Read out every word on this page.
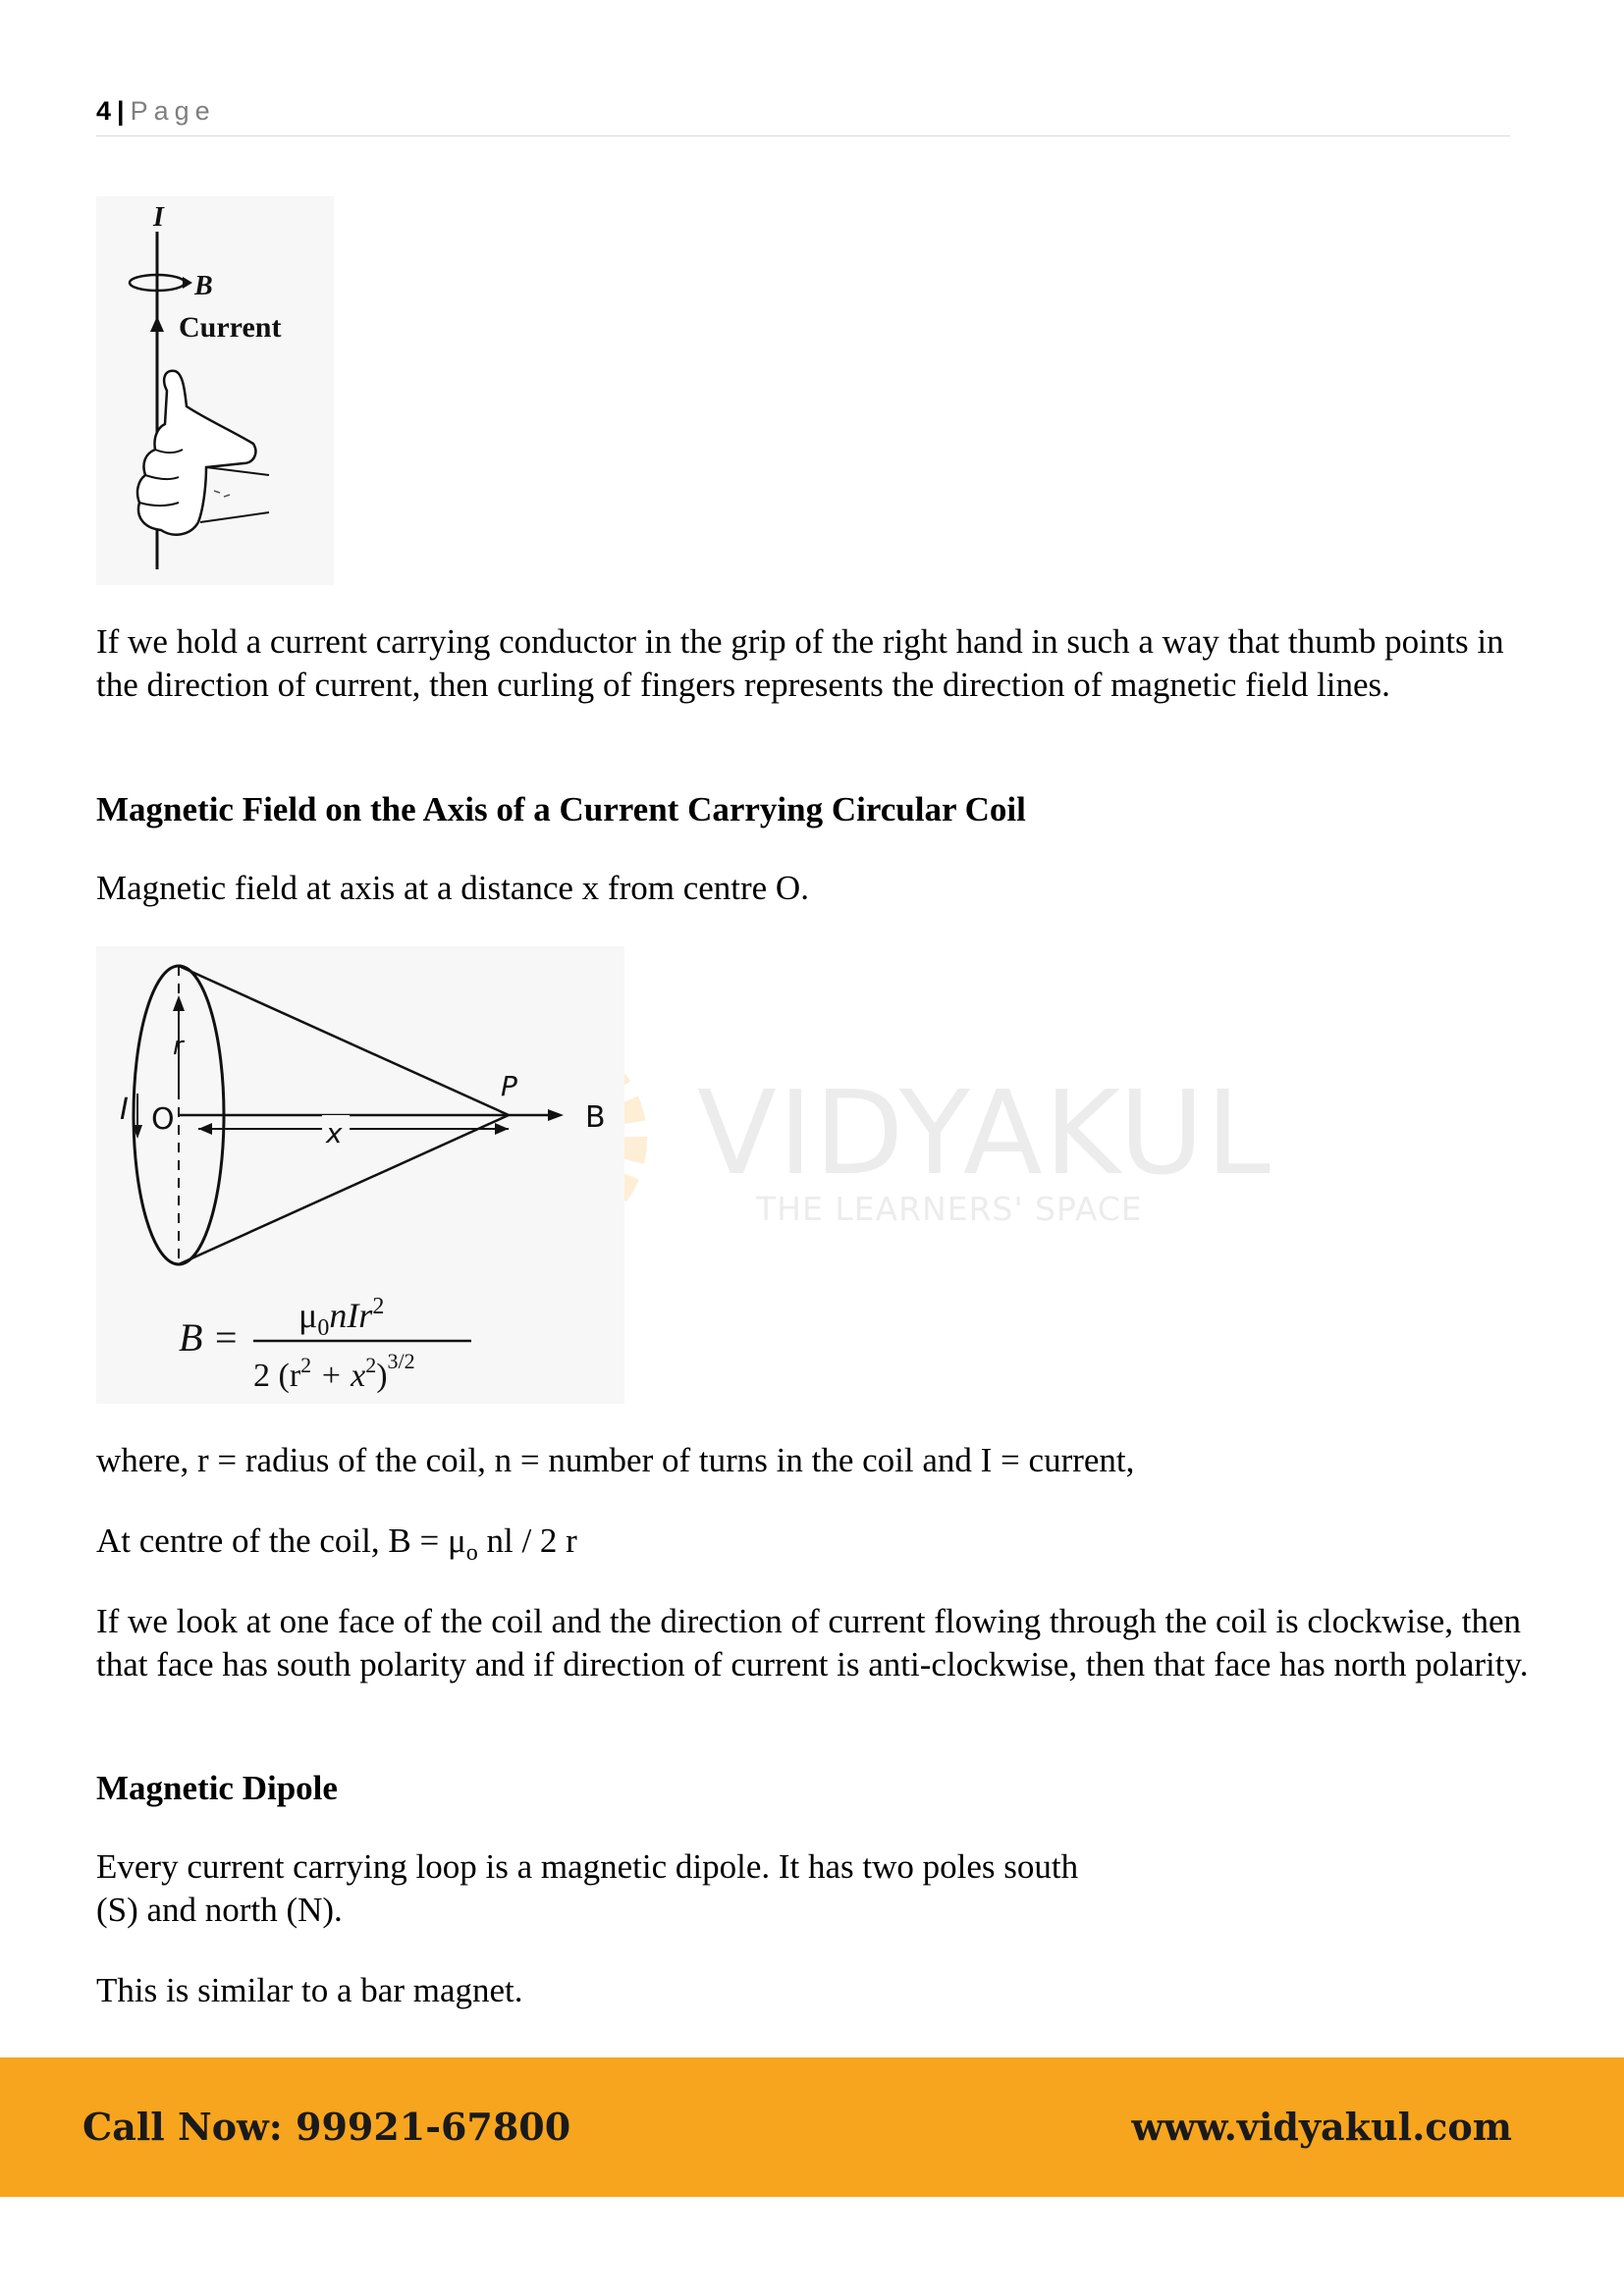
4 | Page
I
B
Current

If we hold a current carrying conductor in the grip of the right hand in such a way that thumb points in the direction of current, then curling of fingers represents the direction of magnetic field lines.

Magnetic Field on the Axis of a Current Carrying Circular Coil

Magnetic field at axis at a distance x from centre O.

VIDYAKUL
THE LEARNERS' SPACE
r
I O	x
P
B
$B = \mu_0nIr^2$
2 $(r^2 + x^2)^{3/2}$

where, r = radius of the coil, n = number of turns in the coil and I = current,

At centre of the coil, $B = \mu_o$ nl / 2 r

If we look at one face of the coil and the direction of current flowing through the coil is clockwise, then that face has south polarity and if direction of current is anti-clockwise, then that face has north polarity.

Magnetic Dipole

Every current carrying loop is a magnetic dipole. It has two poles south
(S) and north (N).

This is similar to a bar magnet.

Call Now: 99921-67800	www.vidyakul.com
